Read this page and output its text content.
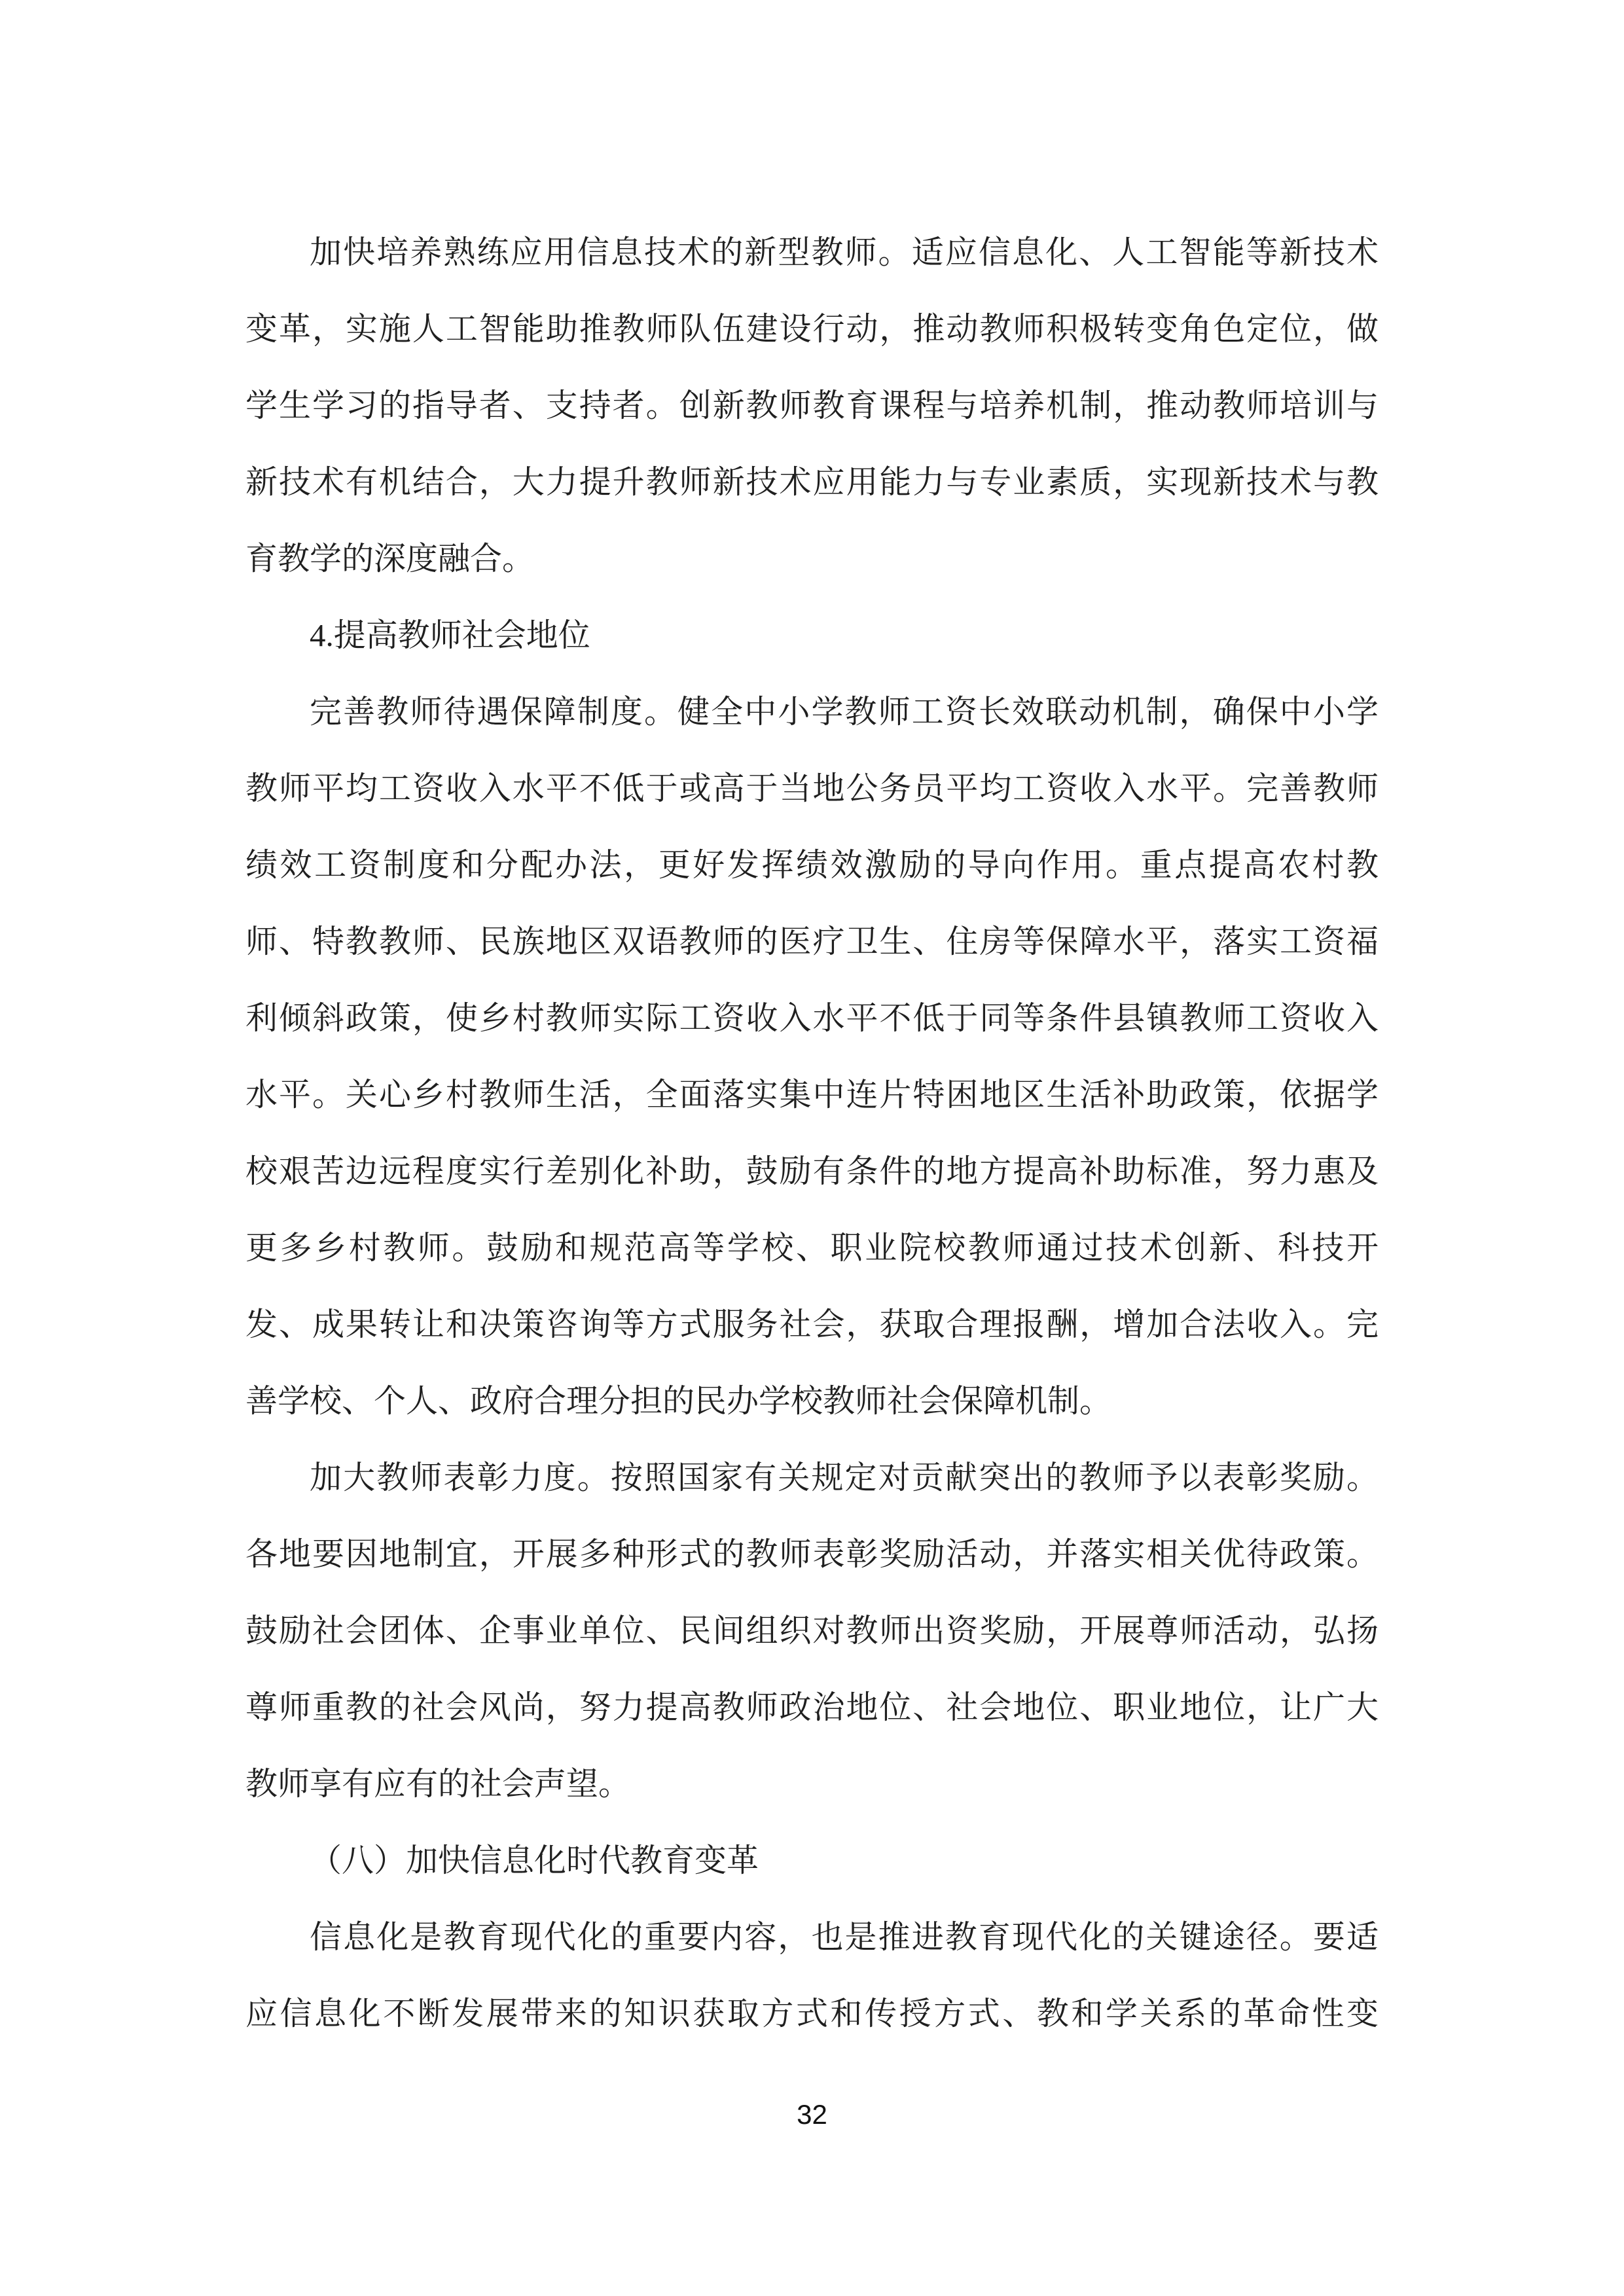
加快培养熟练应用信息技术的新型教师。适应信息化、人工智能等新技术
变革，实施人工智能助推教师队伍建设行动，推动教师积极转变角色定位，做
学生学习的指导者、支持者。创新教师教育课程与培养机制，推动教师培训与
新技术有机结合，大力提升教师新技术应用能力与专业素质，实现新技术与教
育教学的深度融合。
4.提高教师社会地位
完善教师待遇保障制度。健全中小学教师工资长效联动机制，确保中小学
教师平均工资收入水平不低于或高于当地公务员平均工资收入水平。完善教师
绩效工资制度和分配办法，更好发挥绩效激励的导向作用。重点提高农村教
师、特教教师、民族地区双语教师的医疗卫生、住房等保障水平，落实工资福
利倾斜政策，使乡村教师实际工资收入水平不低于同等条件县镇教师工资收入
水平。关心乡村教师生活，全面落实集中连片特困地区生活补助政策，依据学
校艰苦边远程度实行差别化补助，鼓励有条件的地方提高补助标准，努力惠及
更多乡村教师。鼓励和规范高等学校、职业院校教师通过技术创新、科技开
发、成果转让和决策咨询等方式服务社会，获取合理报酬，增加合法收入。完
善学校、个人、政府合理分担的民办学校教师社会保障机制。
加大教师表彰力度。按照国家有关规定对贡献突出的教师予以表彰奖励。
各地要因地制宜，开展多种形式的教师表彰奖励活动，并落实相关优待政策。
鼓励社会团体、企事业单位、民间组织对教师出资奖励，开展尊师活动，弘扬
尊师重教的社会风尚，努力提高教师政治地位、社会地位、职业地位，让广大
教师享有应有的社会声望。
（八）加快信息化时代教育变革
信息化是教育现代化的重要内容，也是推进教育现代化的关键途径。要适
应信息化不断发展带来的知识获取方式和传授方式、教和学关系的革命性变
32
